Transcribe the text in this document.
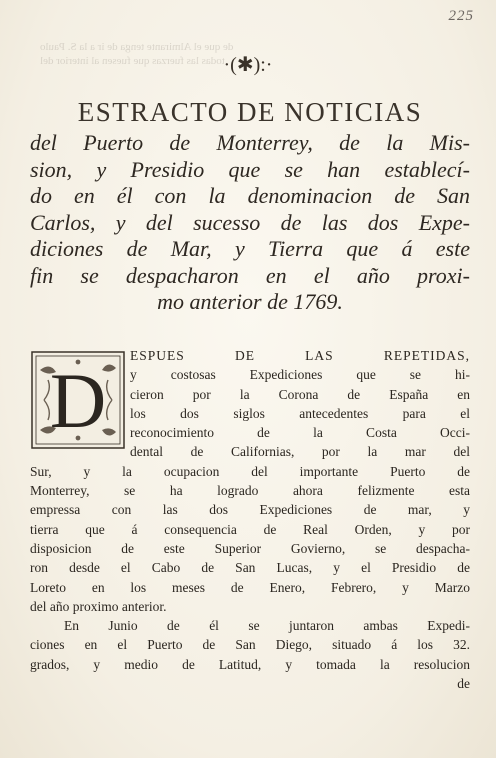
225
de que el Almirante tenga de ir a la S. Paulo
todas las fuerzas que fuesen al interior del
·(✱):·
ESTRACTO DE NOTICIAS
del Puerto de Monterrey, de la Mis-
sion, y Presidio que se han establecí-
do en él con la denominacion de San
Carlos, y del sucesso de las dos Expe-
diciones de Mar, y Tierra que á este
fin se despacharon en el año proxi-
mo anterior de 1769.
D
ESPUES DE LAS REPETIDAS,
y costosas Expediciones que se hi-
cieron por la Corona de España en
los dos siglos antecedentes para el
reconocimiento de la Costa Occi-
dental de Californias, por la mar del
Sur, y la ocupacion del importante Puerto de
Monterrey, se ha logrado ahora felizmente esta
empressa con las dos Expediciones de mar, y
tierra que á consequencia de Real Orden, y por
disposicion de este Superior Govierno, se despacha-
ron desde el Cabo de San Lucas, y el Presidio de
Loreto en los meses de Enero, Febrero, y Marzo
del año proximo anterior.
En Junio de él se juntaron ambas Expedi-
ciones en el Puerto de San Diego, situado á los 32.
grados, y medio de Latitud, y tomada la resolucion
de
